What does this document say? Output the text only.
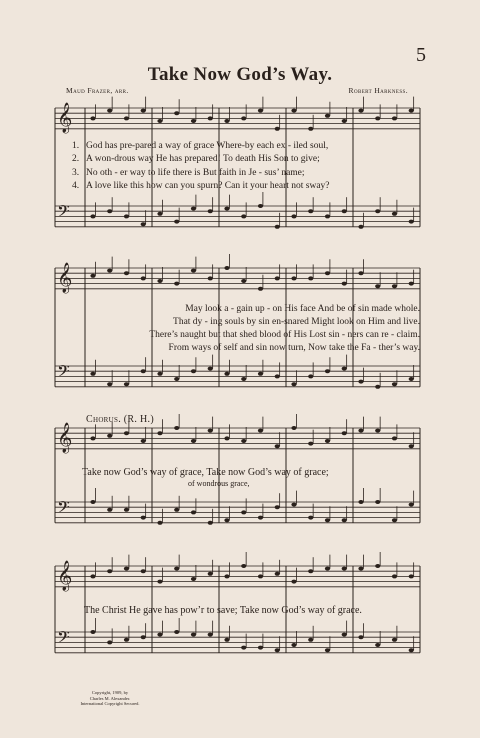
5
Take Now God’s Way.
Maud Frazer, arr.	Robert Harkness.
𝄞
𝄢
𝄞
𝄢
𝄞
𝄢
𝄞
𝄢
1. God has pre-pared a way of grace Where-by each ex - iled soul,
2. A won-drous way He has prepared! To death His Son to give;
3. No oth - er way to life there is But faith in Je - sus’ name;
4. A love like this how can you spurn? Can it your heart not sway?
May look a - gain up - on His face And be of sin made whole.
That dy - ing souls by sin en-snared Might look on Him and live.
There’s naught but that shed blood of His Lost sin - ners can re - claim.
From ways of self and sin now turn, Now take the Fa - ther’s way.
Chorus. (R. H.)
Take now God’s way of grace, Take now God’s way of grace;
of wondrous grace,
The Christ He gave has pow’r to save; Take now God’s way of grace.
Copyright, 1909, by
Charles M. Alexander.
International Copyright Secured.
